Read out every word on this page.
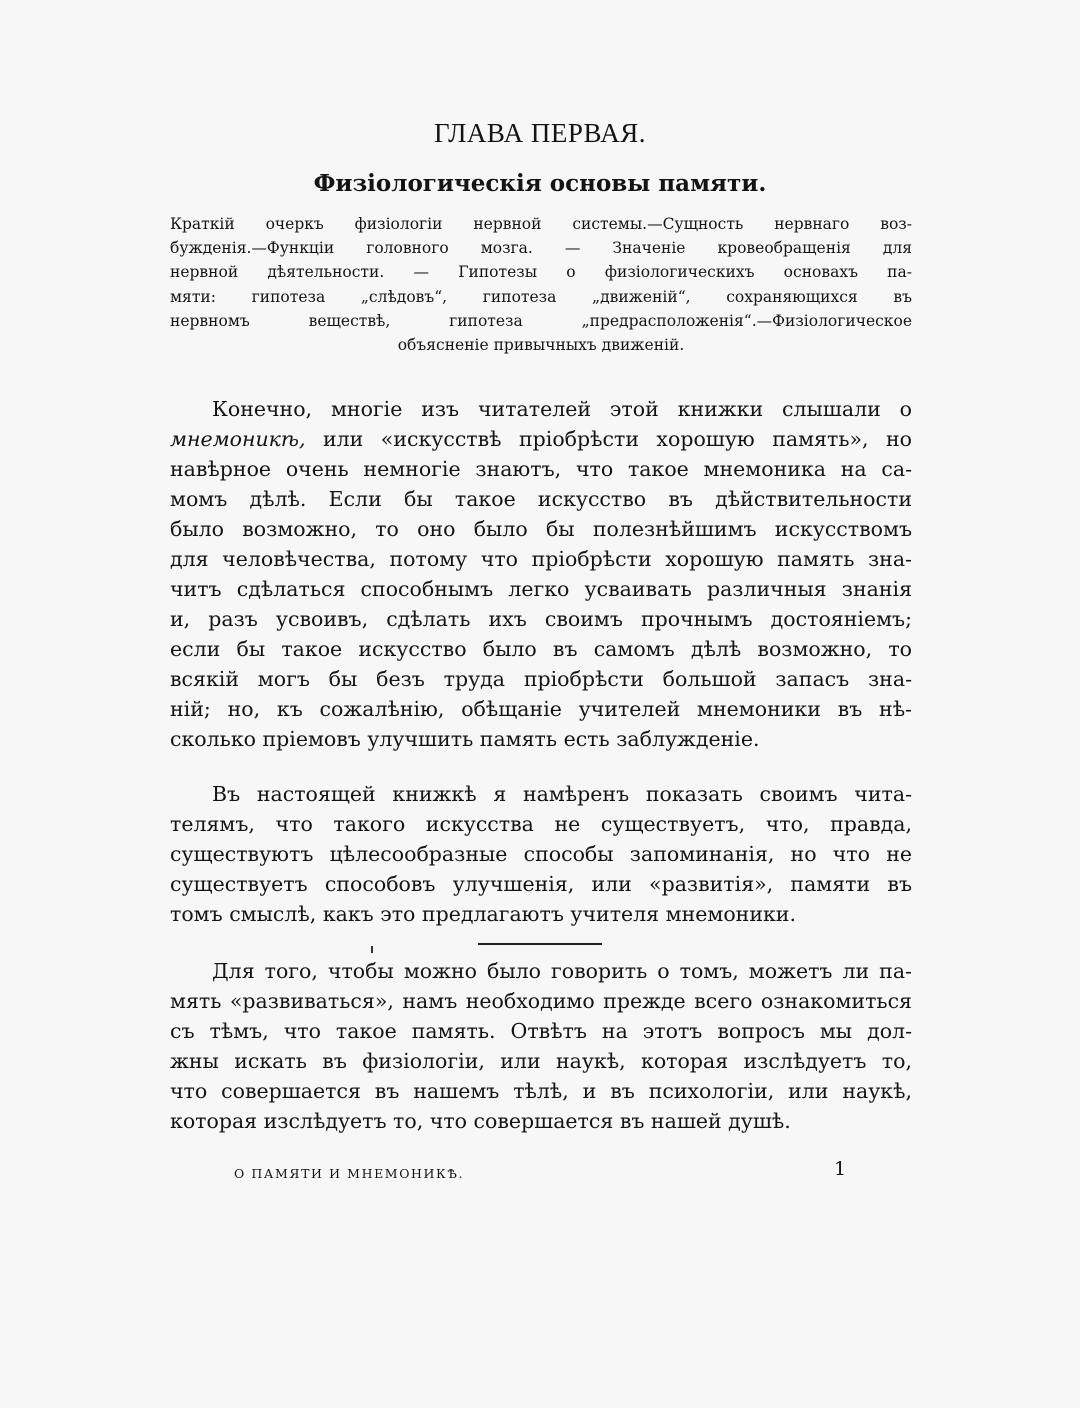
ГЛАВА ПЕРВАЯ.
Физiологическiя основы памяти.
Краткiй очеркъ физiологiи нервной системы.—Сущность нервнаго воз-
бужденiя.—Функцiи головного мозга. — Значенiе кровеобращенiя для
нервной дѣятельности. — Гипотезы о физiологическихъ основахъ па-
мяти: гипотеза „слѣдовъ“, гипотеза „движенiй“, сохраняющихся въ
нервномъ веществѣ, гипотеза „предрасположенiя“.—Физiологическое
объясненiе привычныхъ движенiй.
Конечно, многiе изъ читателей этой книжки слышали о
мнемоникѣ, или «искусствѣ прiобрѣсти хорошую память», но
навѣрное очень немногiе знаютъ, что такое мнемоника на са-
момъ дѣлѣ. Если бы такое искусство въ дѣйствительности
было возможно, то оно было бы полезнѣйшимъ искусствомъ
для человѣчества, потому что прiобрѣсти хорошую память зна-
читъ сдѣлаться способнымъ легко усваивать различныя знанiя
и, разъ усвоивъ, сдѣлать ихъ своимъ прочнымъ достоянiемъ;
если бы такое искусство было въ самомъ дѣлѣ возможно, то
всякiй могъ бы безъ труда прiобрѣсти большой запасъ зна-
нiй; но, къ сожалѣнiю, обѣщанiе учителей мнемоники въ нѣ-
сколько прiемовъ улучшить память есть заблужденiе.
Въ настоящей книжкѣ я намѣренъ показать своимъ чита-
телямъ, что такого искусства не существуетъ, что, правда,
существуютъ цѣлесообразные способы запоминанiя, но что не
существуетъ способовъ улучшенiя, или «развитiя», памяти въ
томъ смыслѣ, какъ это предлагаютъ учителя мнемоники.
Для того, чтобы можно было говорить о томъ, можетъ ли па-
мять «развиваться», намъ необходимо прежде всего ознакомиться
съ тѣмъ, что такое память. Отвѣтъ на этотъ вопросъ мы дол-
жны искать въ физiологiи, или наукѣ, которая изслѣдуетъ то,
что совершается въ нашемъ тѣлѣ, и въ психологiи, или наукѣ,
которая изслѣдуетъ то, что совершается въ нашей душѣ.
О ПАМЯТИ И МНЕМОНИКѢ.	1
